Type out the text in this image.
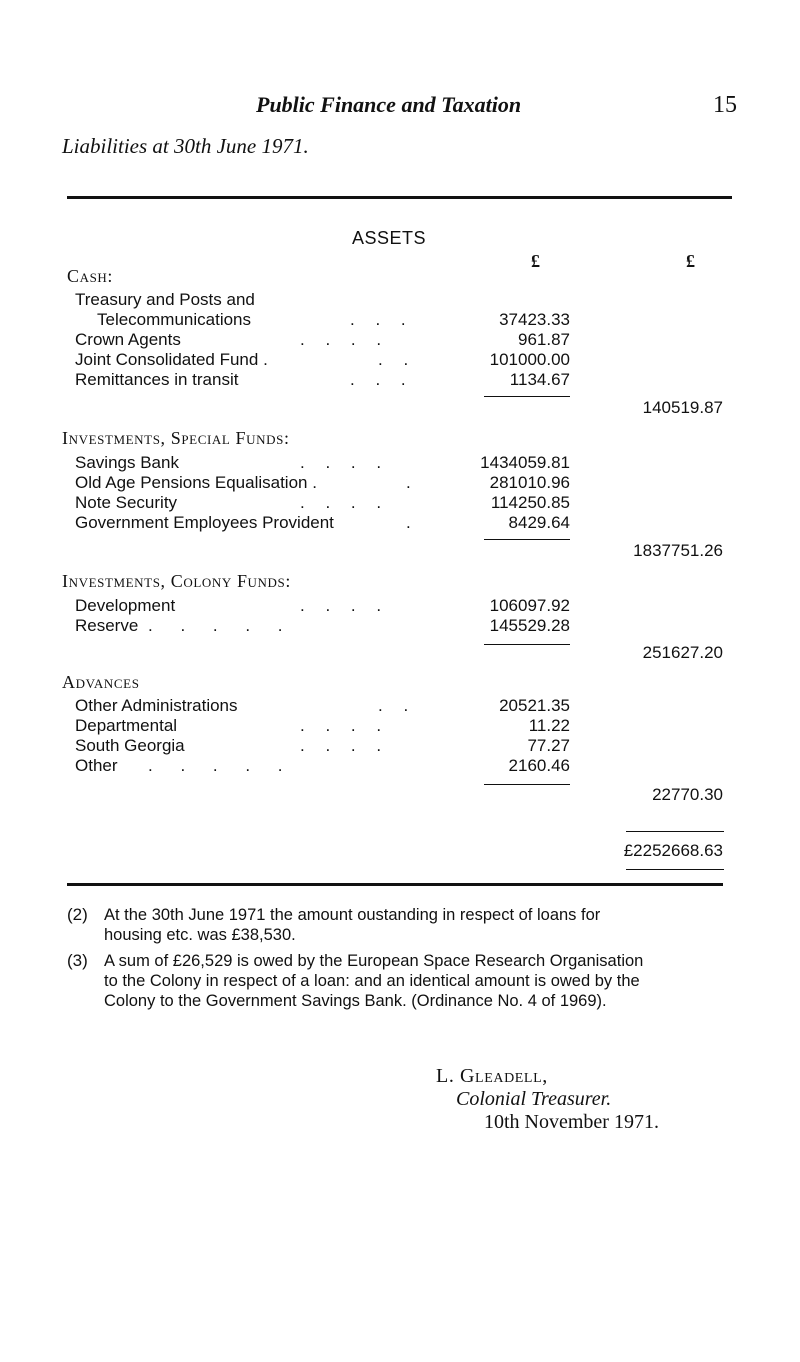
Public Finance and Taxation	15
Liabilities at 30th June 1971.
ASSETS
£	£
Cash:
Treasury and Posts and
Telecommunications	. . .	37423.33
Crown Agents	. . . .	961.87
Joint Consolidated Fund .	. .	101000.00
Remittances in transit	. . .	1134.67
140519.87
Investments, Special Funds:
Savings Bank	. . . .	1434059.81
Old Age Pensions Equalisation .	.	281010.96
Note Security	. . . .	114250.85
Government Employees Provident	.	8429.64
1837751.26
Investments, Colony Funds:
Development	. . . .	106097.92
Reserve . . . . .	145529.28
251627.20
Advances
Other Administrations	. .	20521.35
Departmental	. . . .	11.22
South Georgia	. . . .	77.27
Other . . . . .	2160.46
22770.30
£2252668.63
(2) At the 30th June 1971 the amount oustanding in respect of loans for housing etc. was £38,530.
(3) A sum of £26,529 is owed by the European Space Research Organisation to the Colony in respect of a loan: and an identical amount is owed by the Colony to the Government Savings Bank. (Ordinance No. 4 of 1969).
L. Gleadell,
Colonial Treasurer.
10th November 1971.
